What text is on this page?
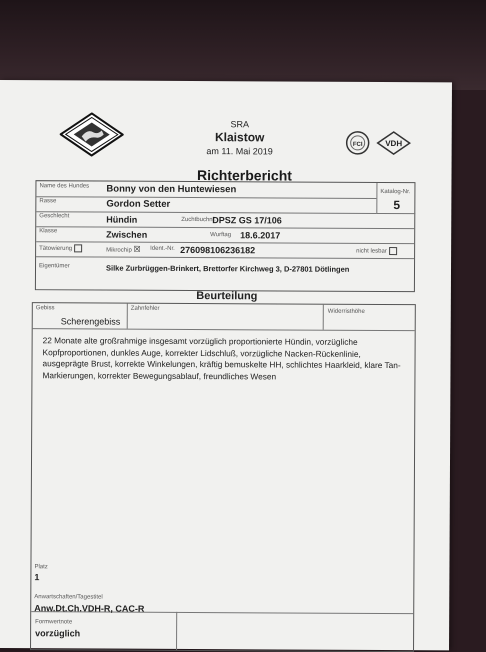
SRA
Klaistow
am 11. Mai 2019
FCI	VDH
Richterbericht
Name des Hundes Bonny von den Huntewiesen	Katalog-Nr.
5
Rasse	Gordon Setter
Geschlecht	Hündin	Zuchtbuchnr.
DPSZ GS 17/106
Klasse	Zwischen	Wurftag 18.6.2017
Tätowierung	Mikrochip ☒ Ident.-Nr. 276098106236182	nicht lesbar
Eigentümer	Silke Zurbrüggen-Brinkert, Brettorfer Kirchweg 3, D-27801 Dötlingen
Beurteilung
Gebiss
Scherengebiss
Zahnfehler	Widerristhöhe
22 Monate alte großrahmige insgesamt vorzüglich proportionierte Hündin, vorzügliche Kopfproportionen, dunkles Auge, korrekter Lidschluß, vorzügliche Nacken-Rückenlinie, ausgeprägte Brust, korrekte Winkelungen, kräftig bemuskelte HH, schlichtes Haarkleid, klare Tan- Markierungen, korrekter Bewegungsablauf, freundliches Wesen
Formwertnote
vorzüglich
Platz
1
Anwartschaften/Tagestitel
Anw.Dt.Ch.VDH-R, CAC-R
